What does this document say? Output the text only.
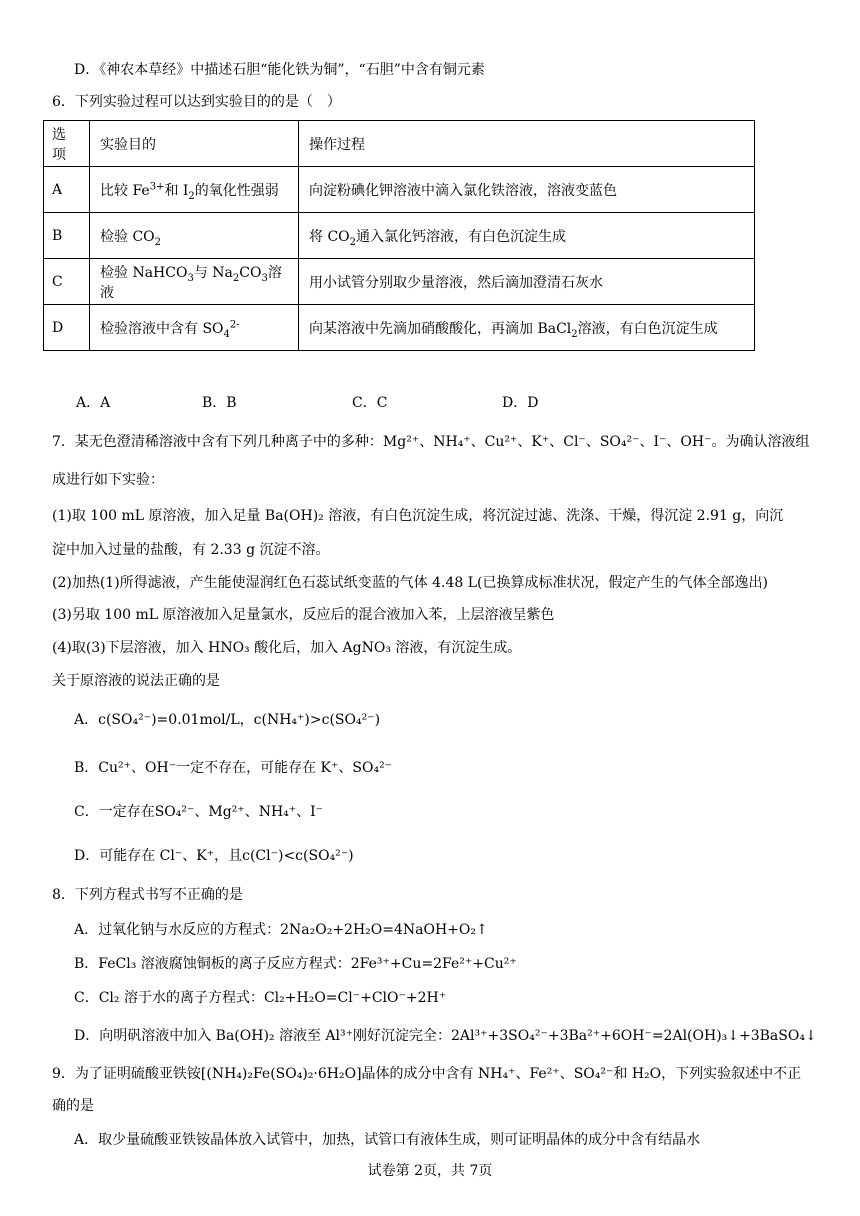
D．《神农本草经》中描述石胆“能化铁为铜”，“石胆”中含有铜元素
6．下列实验过程可以达到实验目的的是（　）
选项	实验目的	操作过程
A	比较 $Fe^{3+}$和 $I_2$的氧化性强弱	向淀粉碘化钾溶液中滴入氯化铁溶液，溶液变蓝色
B	检验 $CO_2$	将 $CO_2$通入氯化钙溶液，有白色沉淀生成
C	检验 NaHCO$_3$与 $Na_2CO_3$溶液	用小试管分别取少量溶液，然后滴加澄清石灰水
D	检验溶液中含有 $SO_4^{2-}$	向某溶液中先滴加硝酸酸化，再滴加 BaCl$_2$溶液，有白色沉淀生成
A．A	B．B	C．C	D．D
7．某无色澄清稀溶液中含有下列几种离子中的多种：Mg²⁺、NH₄⁺、Cu²⁺、K⁺、Cl⁻、SO₄²⁻、I⁻、OH⁻。为确认溶液组
成进行如下实验：
(1)取 100 mL 原溶液，加入足量 Ba(OH)₂ 溶液，有白色沉淀生成，将沉淀过滤、洗涤、干燥，得沉淀 2.91 g，向沉
淀中加入过量的盐酸，有 2.33 g 沉淀不溶。
(2)加热(1)所得滤液，产生能使湿润红色石蕊试纸变蓝的气体 4.48 L(已换算成标准状况，假定产生的气体全部逸出)
(3)另取 100 mL 原溶液加入足量氯水，反应后的混合液加入苯，上层溶液呈紫色
(4)取(3)下层溶液，加入 HNO₃ 酸化后，加入 AgNO₃ 溶液，有沉淀生成。
关于原溶液的说法正确的是
A．c(SO₄²⁻)=0.01mol/L，c(NH₄⁺)>c(SO₄²⁻)
B．Cu²⁺、OH⁻一定不存在，可能存在 K⁺、SO₄²⁻
C．一定存在SO₄²⁻、Mg²⁺、NH₄⁺、I⁻
D．可能存在 Cl⁻、K⁺，且c(Cl⁻)<c(SO₄²⁻)
8．下列方程式书写不正确的是
A．过氧化钠与水反应的方程式：2Na₂O₂+2H₂O=4NaOH+O₂↑
B．FeCl₃ 溶液腐蚀铜板的离子反应方程式：2Fe³⁺+Cu=2Fe²⁺+Cu²⁺
C．Cl₂ 溶于水的离子方程式：Cl₂+H₂O=Cl⁻+ClO⁻+2H⁺
D．向明矾溶液中加入 Ba(OH)₂ 溶液至 Al³⁺刚好沉淀完全：2Al³⁺+3SO₄²⁻+3Ba²⁺+6OH⁻=2Al(OH)₃↓+3BaSO₄↓
9．为了证明硫酸亚铁铵[(NH₄)₂Fe(SO₄)₂·6H₂O]晶体的成分中含有 NH₄⁺、Fe²⁺、SO₄²⁻和 H₂O，下列实验叙述中不正
确的是
A．取少量硫酸亚铁铵晶体放入试管中，加热，试管口有液体生成，则可证明晶体的成分中含有结晶水
试卷第 2页，共 7页
